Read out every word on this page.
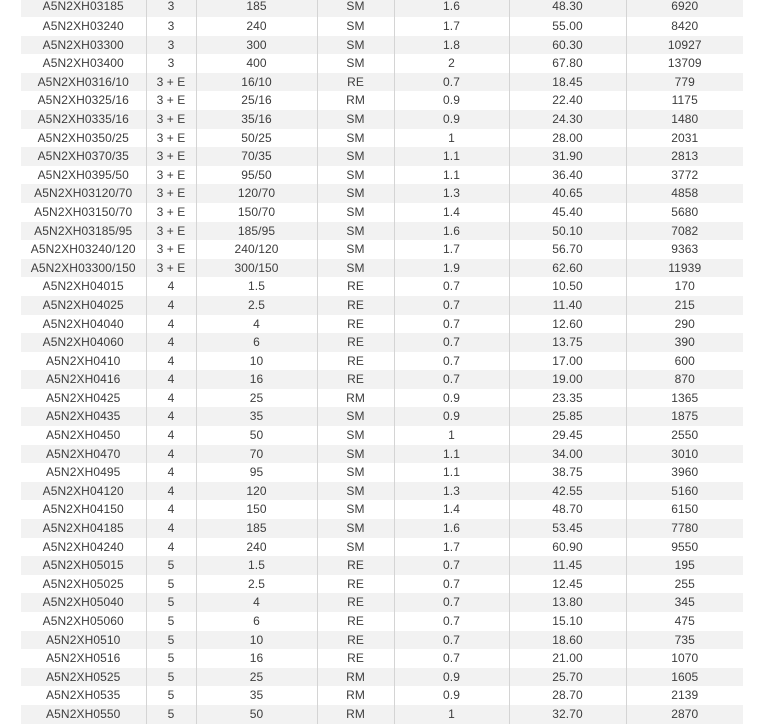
A5N2XH03185	3	185	SM	1.6	48.30	6920
A5N2XH03240	3	240	SM	1.7	55.00	8420
A5N2XH03300	3	300	SM	1.8	60.30	10927
A5N2XH03400	3	400	SM	2	67.80	13709
A5N2XH0316/10	3 + E	16/10	RE	0.7	18.45	779
A5N2XH0325/16	3 + E	25/16	RM	0.9	22.40	1175
A5N2XH0335/16	3 + E	35/16	SM	0.9	24.30	1480
A5N2XH0350/25	3 + E	50/25	SM	1	28.00	2031
A5N2XH0370/35	3 + E	70/35	SM	1.1	31.90	2813
A5N2XH0395/50	3 + E	95/50	SM	1.1	36.40	3772
A5N2XH03120/70	3 + E	120/70	SM	1.3	40.65	4858
A5N2XH03150/70	3 + E	150/70	SM	1.4	45.40	5680
A5N2XH03185/95	3 + E	185/95	SM	1.6	50.10	7082
A5N2XH03240/120	3 + E	240/120	SM	1.7	56.70	9363
A5N2XH03300/150	3 + E	300/150	SM	1.9	62.60	11939
A5N2XH04015	4	1.5	RE	0.7	10.50	170
A5N2XH04025	4	2.5	RE	0.7	11.40	215
A5N2XH04040	4	4	RE	0.7	12.60	290
A5N2XH04060	4	6	RE	0.7	13.75	390
A5N2XH0410	4	10	RE	0.7	17.00	600
A5N2XH0416	4	16	RE	0.7	19.00	870
A5N2XH0425	4	25	RM	0.9	23.35	1365
A5N2XH0435	4	35	SM	0.9	25.85	1875
A5N2XH0450	4	50	SM	1	29.45	2550
A5N2XH0470	4	70	SM	1.1	34.00	3010
A5N2XH0495	4	95	SM	1.1	38.75	3960
A5N2XH04120	4	120	SM	1.3	42.55	5160
A5N2XH04150	4	150	SM	1.4	48.70	6150
A5N2XH04185	4	185	SM	1.6	53.45	7780
A5N2XH04240	4	240	SM	1.7	60.90	9550
A5N2XH05015	5	1.5	RE	0.7	11.45	195
A5N2XH05025	5	2.5	RE	0.7	12.45	255
A5N2XH05040	5	4	RE	0.7	13.80	345
A5N2XH05060	5	6	RE	0.7	15.10	475
A5N2XH0510	5	10	RE	0.7	18.60	735
A5N2XH0516	5	16	RE	0.7	21.00	1070
A5N2XH0525	5	25	RM	0.9	25.70	1605
A5N2XH0535	5	35	RM	0.9	28.70	2139
A5N2XH0550	5	50	RM	1	32.70	2870
